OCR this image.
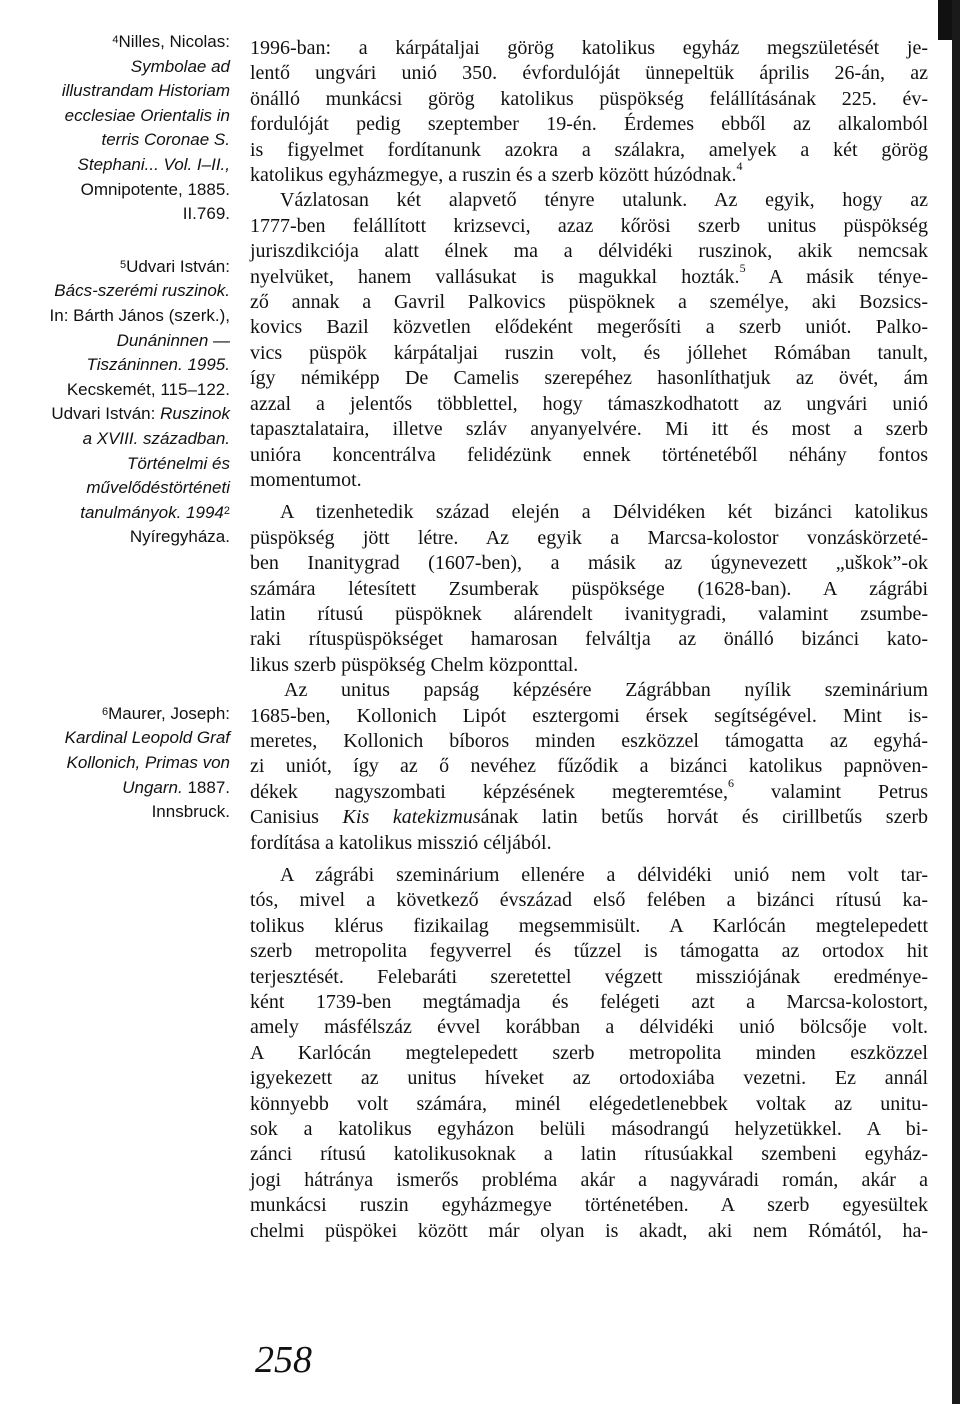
$^4$Nilles, Nicolas:
Symbolae ad
illustrandam Historiam
ecclesiae Orientalis in
terris Coronae S.
Stephani... Vol. I–II.,
Omnipotente, 1885.
II.769.
$^5$Udvari István:
Bács-szerémi ruszinok.
In: Bárth János (szerk.),
Dunáninnen —
Tiszáninnen. 1995.
Kecskemét, 115–122.
Udvari István: Ruszinok
a XVIII. században.
Történelmi és
művelődéstörténeti
tanulmányok. 1994$^2$
Nyíregyháza.
$^6$Maurer, Joseph:
Kardinal Leopold Graf
Kollonich, Primas von
Ungarn. 1887.
Innsbruck.

1996-ban: a kárpátaljai görög katolikus egyház megszületését je-
lentő ungvári unió 350. évfordulóját ünnepeltük április 26-án, az
önálló munkácsi görög katolikus püspökség felállításának 225. év-
fordulóját pedig szeptember 19-én. Érdemes ebből az alkalomból
is figyelmet fordítanunk azokra a szálakra, amelyek a két görög
katolikus egyházmegye, a ruszin és a szerb között húzódnak.$^4$

Vázlatosan két alapvető tényre utalunk. Az egyik, hogy az
1777-ben felállított krizsevci, azaz kőrösi szerb unitus püspökség
juriszdikciója alatt élnek ma a délvidéki ruszinok, akik nemcsak
nyelvüket, hanem vallásukat is magukkal hozták.$^5$ A másik ténye-
ző annak a Gavril Palkovics püspöknek a személye, aki Bozsics-
kovics Bazil közvetlen elődeként megerősíti a szerb uniót. Palko-
vics püspök kárpátaljai ruszin volt, és jóllehet Rómában tanult,
így némiképp De Camelis szerepéhez hasonlíthatjuk az övét, ám
azzal a jelentős többlettel, hogy támaszkodhatott az ungvári unió
tapasztalataira, illetve szláv anyanyelvére. Mi itt és most a szerb
unióra koncentrálva felidézünk ennek történetéből néhány fontos
momentumot.

A tizenhetedik század elején a Délvidéken két bizánci katolikus
püspökség jött létre. Az egyik a Marcsa-kolostor vonzáskörzeté-
ben Inanitygrad (1607-ben), a másik az úgynevezett „uškok”-ok
számára létesített Zsumberak püspöksége (1628-ban). A zágrábi
latin rítusú püspöknek alárendelt ivanitygradi, valamint zsumbe-
raki rítuspüspökséget hamarosan felváltja az önálló bizánci kato-
likus szerb püspökség Chelm központtal.

Az unitus papság képzésére Zágrábban nyílik szeminárium
1685-ben, Kollonich Lipót esztergomi érsek segítségével. Mint is-
meretes, Kollonich bíboros minden eszközzel támogatta az egyhá-
zi uniót, így az ő nevéhez fűződik a bizánci katolikus papnöven-
dékek nagyszombati képzésének megteremtése,$^6$ valamint Petrus
Canisius Kis katekizmusának latin betűs horvát és cirillbetűs szerb
fordítása a katolikus misszió céljából.

A zágrábi szeminárium ellenére a délvidéki unió nem volt tar-
tós, mivel a következő évszázad első felében a bizánci rítusú ka-
tolikus klérus fizikailag megsemmisült. A Karlócán megtelepedett
szerb metropolita fegyverrel és tűzzel is támogatta az ortodox hit
terjesztését. Felebaráti szeretettel végzett missziójának eredménye-
ként 1739-ben megtámadja és felégeti azt a Marcsa-kolostort,
amely másfélszáz évvel korábban a délvidéki unió bölcsője volt.
A Karlócán megtelepedett szerb metropolita minden eszközzel
igyekezett az unitus híveket az ortodoxiába vezetni. Ez annál
könnyebb volt számára, minél elégedetlenebbek voltak az unitu-
sok a katolikus egyházon belüli másodrangú helyzetükkel. A bi-
zánci rítusú katolikusoknak a latin rítusúakkal szembeni egyház-
jogi hátránya ismerős probléma akár a nagyváradi román, akár a
munkácsi ruszin egyházmegye történetében. A szerb egyesültek
chelmi püspökei között már olyan is akadt, aki nem Rómától, ha-

258
